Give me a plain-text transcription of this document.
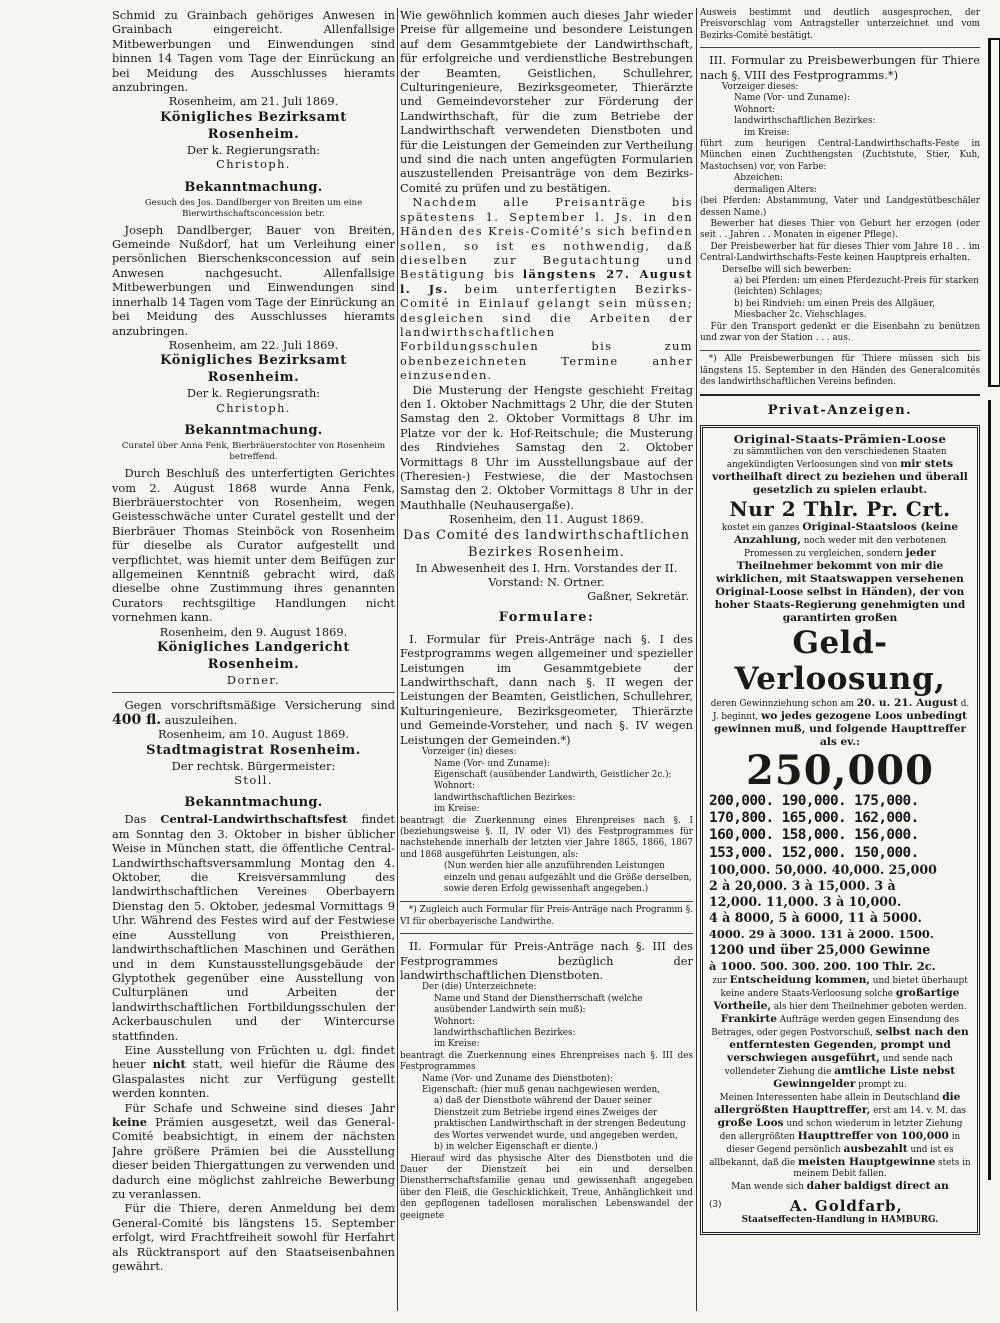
Schmid zu Grainbach gehöriges Anwesen in Grainbach eingereicht. Allenfallsige Mitbewerbungen und Einwendungen sind binnen 14 Tagen vom Tage der Einrückung an bei Meidung des Ausschlusses hieramts anzubringen.

Rosenheim, am 21. Juli 1869.

Königliches Bezirksamt Rosenheim.

Der k. Regierungsrath:

Christoph.

Bekanntmachung.

Gesuch des Jos. Dandlberger von Breiten um eine Bierwirthschaftsconcession betr.

Joseph Dandlberger, Bauer von Breiten, Gemeinde Nußdorf, hat um Verleihung einer persönlichen Bierschenksconcession auf sein Anwesen nachgesucht. Allenfallsige Mitbewerbungen und Einwendungen sind innerhalb 14 Tagen vom Tage der Einrückung an bei Meidung des Ausschlusses hieramts anzubringen.

Rosenheim, am 22. Juli 1869.

Königliches Bezirksamt Rosenheim.

Der k. Regierungsrath:

Christoph.

Bekanntmachung.

Curatel über Anna Fenk, Bierbräuerstochter von Rosenheim betreffend.

Durch Beschluß des unterfertigten Gerichtes vom 2. August 1868 wurde Anna Fenk, Bierbräuerstochter von Rosenheim, wegen Geistesschwäche unter Curatel gestellt und der Bierbräuer Thomas Steinböck von Rosenheim für dieselbe als Curator aufgestellt und verpflichtet, was hiemit unter dem Beifügen zur allgemeinen Kenntniß gebracht wird, daß dieselbe ohne Zustimmung ihres genannten Curators rechtsgiltige Handlungen nicht vornehmen kann.

Rosenheim, den 9. August 1869.

Königliches Landgericht Rosenheim.

Dorner.

Gegen vorschriftsmäßige Versicherung sind 400 fl. auszuleihen.

Rosenheim, am 10. August 1869.

Stadtmagistrat Rosenheim.

Der rechtsk. Bürgermeister:

Stoll.

Bekanntmachung.

Das Central-Landwirthschaftsfest findet am Sonntag den 3. Oktober in bisher üblicher Weise in München statt, die öffentliche Central-Landwirthschaftsversammlung Montag den 4. Oktober, die Kreisversammlung des landwirthschaftlichen Vereines Oberbayern Dienstag den 5. Oktober, jedesmal Vormittags 9 Uhr. Während des Festes wird auf der Festwiese eine Ausstellung von Preisthieren, landwirthschaftlichen Maschinen und Geräthen und in dem Kunstausstellungsgebäude der Glyptothek gegenüber eine Ausstellung von Culturplänen und Arbeiten der landwirthschaftlichen Fortbildungsschulen der Ackerbauschulen und der Wintercurse stattfinden.

Eine Ausstellung von Früchten u. dgl. findet heuer nicht statt, weil hiefür die Räume des Glaspalastes nicht zur Verfügung gestellt werden konnten.

Für Schafe und Schweine sind dieses Jahr keine Prämien ausgesetzt, weil das General-Comité beabsichtigt, in einem der nächsten Jahre größere Prämien bei die Ausstellung dieser beiden Thiergattungen zu verwenden und dadurch eine möglichst zahlreiche Bewerbung zu veranlassen.

Für die Thiere, deren Anmeldung bei dem General-Comité bis längstens 15. September erfolgt, wird Frachtfreiheit sowohl für Herfahrt als Rücktransport auf den Staatseisenbahnen gewährt.

Wie gewöhnlich kommen auch dieses Jahr wieder Preise für allgemeine und besondere Leistungen auf dem Gesammtgebiete der Landwirthschaft, für erfolgreiche und verdienstliche Bestrebungen der Beamten, Geistlichen, Schullehrer, Culturingenieure, Bezirksgeometer, Thierärzte und Gemeindevorsteher zur Förderung der Landwirthschaft, für die zum Betriebe der Landwirthschaft verwendeten Dienstboten und für die Leistungen der Gemeinden zur Vertheilung und sind die nach unten angefügten Formularien auszustellenden Preisanträge von dem Bezirks-Comité zu prüfen und zu bestätigen.

Nachdem alle Preisanträge bis spätestens 1. September l. Js. in den Händen des Kreis-Comité's sich befinden sollen, so ist es nothwendig, daß dieselben zur Begutachtung und Bestätigung bis längstens 27. August l. Js. beim unterfertigten Bezirks-Comité in Einlauf gelangt sein müssen; desgleichen sind die Arbeiten der landwirthschaftlichen Forbildungsschulen bis zum obenbezeichneten Termine anher einzusenden.

Die Musterung der Hengste geschieht Freitag den 1. Oktober Nachmittags 2 Uhr, die der Stuten Samstag den 2. Oktober Vormittags 8 Uhr im Platze vor der k. Hof-Reitschule; die Musterung des Rindviehes Samstag den 2. Oktober Vormittags 8 Uhr im Ausstellungsbaue auf der (Theresien-) Festwiese, die der Mastochsen Samstag den 2. Oktober Vormittags 8 Uhr in der Mauthhalle (Neuhausergaße).

Rosenheim, den 11. August 1869.

Das Comité des landwirthschaftlichen Bezirkes Rosenheim.

In Abwesenheit des I. Hrn. Vorstandes der II. Vorstand: N. Ortner.

Gaßner, Sekretär.

Formulare:

I. Formular für Preis-Anträge nach §. I des Festprogramms wegen allgemeiner und spezieller Leistungen im Gesammtgebiete der Landwirthschaft, dann nach §. II wegen der Leistungen der Beamten, Geistlichen, Schullehrer, Kulturingenieure, Bezirksgeometer, Thierärzte und Gemeinde-Vorsteher, und nach §. IV wegen Leistungen der Gemeinden.*)

Vorzeiger (in) dieses:

Name (Vor- und Zuname):

Eigenschaft (ausübender Landwirth, Geistlicher 2c.):

Wohnort:

landwirthschaftlichen Bezirkes:

im Kreise:

beantragt die Zuerkennung eines Ehrenpreises nach §. I (beziehungsweise §. II, IV oder VI) des Festprogrammes für nachstehende innerhalb der letzten vier Jahre 1865, 1866, 1867 und 1868 ausgeführten Leistungen, als:

(Nun werden hier alle anzuführenden Leistungen einzeln und genau aufgezählt und die Größe derselben, sowie deren Erfolg gewissenhaft angegeben.)

*) Zugleich auch Formular für Preis-Anträge nach Programm §. VI für oberbayerische Landwirthe.

II. Formular für Preis-Anträge nach §. III des Festprogrammes bezüglich der landwirthschaftlichen Dienstboten.

Der (die) Unterzeichnete:

Name und Stand der Dienstherrschaft (welche ausübender Landwirth sein muß):

Wohnort:

landwirthschaftlichen Bezirkes:

im Kreise:

beantragt die Zuerkennung eines Ehrenpreises nach §. III des Festprogrammes

Name (Vor- und Zuname des Dienstboten):

Eigenschaft: (hier muß genau nachgewiesen werden,

a) daß der Dienstbote während der Dauer seiner Dienstzeit zum Betriebe irgend eines Zweiges der praktischen Landwirthschaft in der strengen Bedeutung des Wortes verwendet wurde, und angegeben werden,

b) in welcher Eigenschaft er diente.)

Hierauf wird das physische Alter des Dienstboten und die Dauer der Dienstzeit bei ein und derselben Dienstherrschaftsfamilie genau und gewissenhaft angegeben über den Fleiß, die Geschicklichkeit, Treue, Anhänglichkeit und den gepflogenen tadellosen moralischen Lebenswandel der geeignete

Ausweis bestimmt und deutlich ausgesprochen, der Preisvorschlag vom Antragsteller unterzeichnet und vom Bezirks-Comité bestätigt.

III. Formular zu Preisbewerbungen für Thiere nach §. VIII des Festprogramms.*)

Vorzeiger dieses:

Name (Vor- und Zuname):

Wohnort:

landwirthschaftlichen Bezirkes:

im Kreise:

führt zum heurigen Central-Landwirthschafts-Feste in München einen Zuchthengsten (Zuchtstute, Stier, Kuh, Mastochsen) vor, von Farbe:

Abzeichen:

dermaligen Alters:

(bei Pferden: Abstammung, Vater und Landgestütbeschäler dessen Name.)

Bewerber hat dieses Thier von Geburt her erzogen (oder seit . . Jahren . . Monaten in eigener Pflege).

Der Preisbewerber hat für dieses Thier vom Jahre 18 . . im Central-Landwirthschafts-Feste keinen Hauptpreis erhalten.

Derselbe will sich bewerben:

a) bei Pferden: um einen Pferdezucht-Preis für starken (leichten) Schlages;

b) bei Rindvieh: um einen Preis des Allgäuer, Miesbacher 2c. Viehschlages.

Für den Transport gedenkt er die Eisenbahn zu benützen und zwar von der Station . . . aus.

*) Alle Preisbewerbungen für Thiere müssen sich bis längstens 15. September in den Händen des Generalcomités des landwirthschaftlichen Vereins befinden.

Privat-Anzeigen.

Original-Staats-Prämien-Loose

zu sämmtlichen von den verschiedenen Staaten angekündigten Verloosungen sind von mir stets vortheilhaft direct zu beziehen und überall gesetzlich zu spielen erlaubt.

Nur 2 Thlr. Pr. Crt.

kostet ein ganzes Original-Staatsloos (keine Anzahlung, noch weder mit den verbotenen Promessen zu vergleichen, sondern jeder Theilnehmer bekommt von mir die wirklichen, mit Staatswappen versehenen Original-Loose selbst in Händen), der von hoher Staats-Regierung genehmigten und garantirten großen

Geld-Verloosung,

deren Gewinnziehung schon am 20. u. 21. August d. J. beginnt, wo jedes gezogene Loos unbedingt gewinnen muß, und folgende Haupttreffer als ev.:

250,000

200,000. 190,000. 175,000.

170,800. 165,000. 162,000.

160,000. 158,000. 156,000.

153,000. 152,000. 150,000.

100,000. 50,000. 40,000. 25,000

2 à 20,000. 3 à 15,000. 3 à

12,000. 11,000. 3 à 10,000.

4 à 8000, 5 à 6000, 11 à 5000.

4000. 29 à 3000. 131 à 2000. 1500.

1200 und über 25,000 Gewinne

à 1000. 500. 300. 200. 100 Thlr. 2c.

zur Entscheidung kommen, und bietet überhaupt keine andere Staats-Verloosung solche großartige Vortheile, als hier dem Theilnehmer geboten werden.

Frankirte Aufträge werden gegen Einsendung des Betrages, oder gegen Postvorschuß, selbst nach den entferntesten Gegenden, prompt und verschwiegen ausgeführt, und sende nach vollendeter Ziehung die amtliche Liste nebst Gewinngelder prompt zu.

Meinen Interessenten habe allein in Deutschland die allergrößten Haupttreffer, erst am 14. v. M. das große Loos und schon wiederum in letzter Ziehung den allergrößten Haupttreffer von 100,000 in dieser Gegend persönlich ausbezahlt und ist es allbekannt, daß die meisten Hauptgewinne stets in meinem Debit fallen.

Man wende sich daher baldigst direct an

(3)	A. Goldfarb,

Staatseffecten-Handlung in HAMBURG.
